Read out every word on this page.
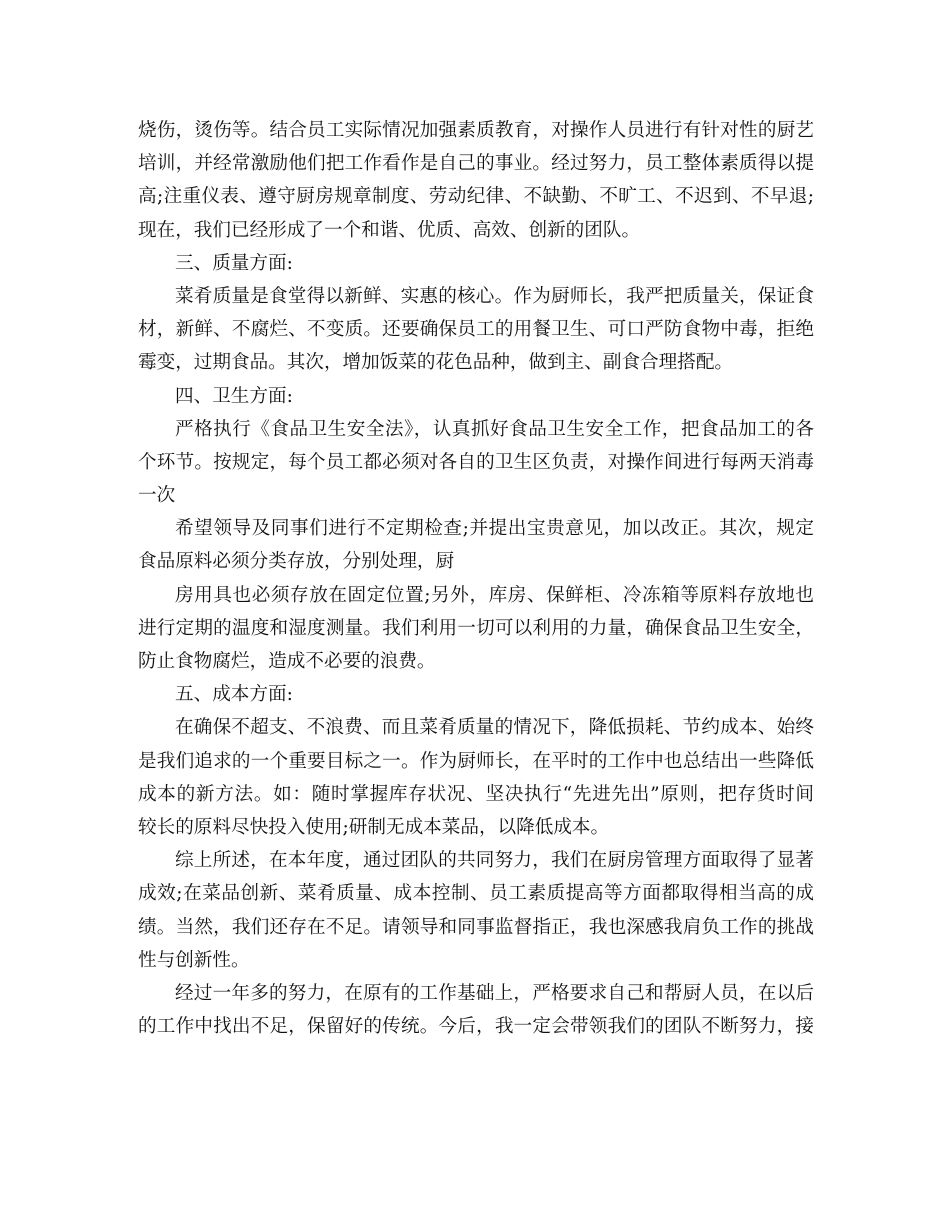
烧伤，烫伤等。结合员工实际情况加强素质教育，对操作人员进行有针对性的厨艺
培训，并经常激励他们把工作看作是自己的事业。经过努力，员工整体素质得以提
高;注重仪表、遵守厨房规章制度、劳动纪律、不缺勤、不旷工、不迟到、不早退;
现在，我们已经形成了一个和谐、优质、高效、创新的团队。
三、质量方面:
菜肴质量是食堂得以新鲜、实惠的核心。作为厨师长，我严把质量关，保证食
材，新鲜、不腐烂、不变质。还要确保员工的用餐卫生、可口严防食物中毒，拒绝
霉变，过期食品。其次，增加饭菜的花色品种，做到主、副食合理搭配。
四、卫生方面:
严格执行《食品卫生安全法》，认真抓好食品卫生安全工作，把食品加工的各
个环节。按规定，每个员工都必须对各自的卫生区负责，对操作间进行每两天消毒
一次
希望领导及同事们进行不定期检查;并提出宝贵意见，加以改正。其次，规定
食品原料必须分类存放，分别处理，厨
房用具也必须存放在固定位置;另外，库房、保鲜柜、冷冻箱等原料存放地也
进行定期的温度和湿度测量。我们利用一切可以利用的力量，确保食品卫生安全，
防止食物腐烂，造成不必要的浪费。
五、成本方面:
在确保不超支、不浪费、而且菜肴质量的情况下，降低损耗、节约成本、始终
是我们追求的一个重要目标之一。作为厨师长，在平时的工作中也总结出一些降低
成本的新方法。如：随时掌握库存状况、坚决执行“先进先出”原则，把存货时间
较长的原料尽快投入使用;研制无成本菜品，以降低成本。
综上所述，在本年度，通过团队的共同努力，我们在厨房管理方面取得了显著
成效;在菜品创新、菜肴质量、成本控制、员工素质提高等方面都取得相当高的成
绩。当然，我们还存在不足。请领导和同事监督指正，我也深感我肩负工作的挑战
性与创新性。
经过一年多的努力，在原有的工作基础上，严格要求自己和帮厨人员，在以后
的工作中找出不足，保留好的传统。今后，我一定会带领我们的团队不断努力，接
